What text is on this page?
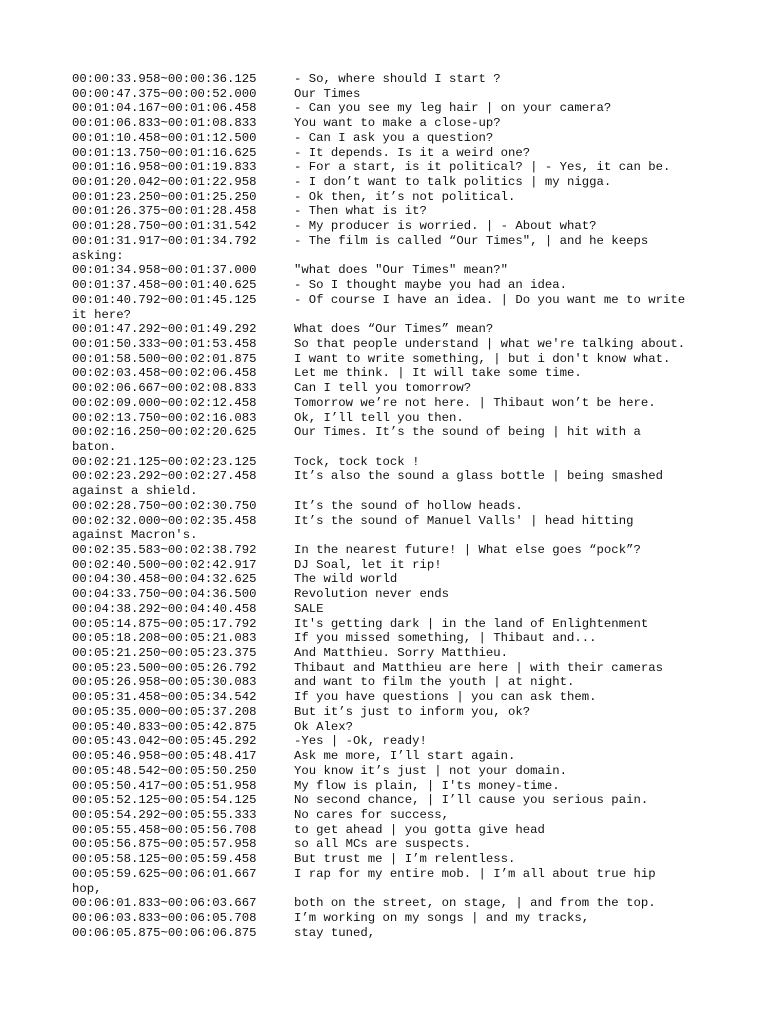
00:00:33.958~00:00:36.125	- So, where should I start ?
00:00:47.375~00:00:52.000	Our Times
00:01:04.167~00:01:06.458	- Can you see my leg hair | on your camera?
00:01:06.833~00:01:08.833	You want to make a close-up?
00:01:10.458~00:01:12.500	- Can I ask you a question?
00:01:13.750~00:01:16.625	- It depends. Is it a weird one?
00:01:16.958~00:01:19.833	- For a start, is it political? | - Yes, it can be.
00:01:20.042~00:01:22.958	- I don’t want to talk politics | my nigga.
00:01:23.250~00:01:25.250	- Ok then, it’s not political.
00:01:26.375~00:01:28.458	- Then what is it?
00:01:28.750~00:01:31.542	- My producer is worried. | - About what?
00:01:31.917~00:01:34.792	- The film is called “Our Times", | and he keeps
asking:
00:01:34.958~00:01:37.000	"what does "Our Times" mean?"
00:01:37.458~00:01:40.625	- So I thought maybe you had an idea.
00:01:40.792~00:01:45.125	- Of course I have an idea. | Do you want me to write
it here?
00:01:47.292~00:01:49.292	What does “Our Times” mean?
00:01:50.333~00:01:53.458	So that people understand | what we're talking about.
00:01:58.500~00:02:01.875	I want to write something, | but i don't know what.
00:02:03.458~00:02:06.458	Let me think. | It will take some time.
00:02:06.667~00:02:08.833	Can I tell you tomorrow?
00:02:09.000~00:02:12.458	Tomorrow we’re not here. | Thibaut won’t be here.
00:02:13.750~00:02:16.083	Ok, I’ll tell you then.
00:02:16.250~00:02:20.625	Our Times. It’s the sound of being | hit with a
baton.
00:02:21.125~00:02:23.125	Tock, tock tock !
00:02:23.292~00:02:27.458	It’s also the sound a glass bottle | being smashed
against a shield.
00:02:28.750~00:02:30.750	It’s the sound of hollow heads.
00:02:32.000~00:02:35.458	It’s the sound of Manuel Valls' | head hitting
against Macron's.
00:02:35.583~00:02:38.792	In the nearest future! | What else goes “pock”?
00:02:40.500~00:02:42.917	DJ Soal, let it rip!
00:04:30.458~00:04:32.625	The wild world
00:04:33.750~00:04:36.500	Revolution never ends
00:04:38.292~00:04:40.458	SALE
00:05:14.875~00:05:17.792	It's getting dark | in the land of Enlightenment
00:05:18.208~00:05:21.083	If you missed something, | Thibaut and...
00:05:21.250~00:05:23.375	And Matthieu. Sorry Matthieu.
00:05:23.500~00:05:26.792	Thibaut and Matthieu are here | with their cameras
00:05:26.958~00:05:30.083	and want to film the youth | at night.
00:05:31.458~00:05:34.542	If you have questions | you can ask them.
00:05:35.000~00:05:37.208	But it’s just to inform you, ok?
00:05:40.833~00:05:42.875	Ok Alex?
00:05:43.042~00:05:45.292	-Yes | -Ok, ready!
00:05:46.958~00:05:48.417	Ask me more, I’ll start again.
00:05:48.542~00:05:50.250	You know it’s just | not your domain.
00:05:50.417~00:05:51.958	My flow is plain, | I'ts money-time.
00:05:52.125~00:05:54.125	No second chance, | I’ll cause you serious pain.
00:05:54.292~00:05:55.333	No cares for success,
00:05:55.458~00:05:56.708	to get ahead | you gotta give head
00:05:56.875~00:05:57.958	so all MCs are suspects.
00:05:58.125~00:05:59.458	But trust me | I’m relentless.
00:05:59.625~00:06:01.667	I rap for my entire mob. | I’m all about true hip
hop,
00:06:01.833~00:06:03.667	both on the street, on stage, | and from the top.
00:06:03.833~00:06:05.708	I’m working on my songs | and my tracks,
00:06:05.875~00:06:06.875	stay tuned,
